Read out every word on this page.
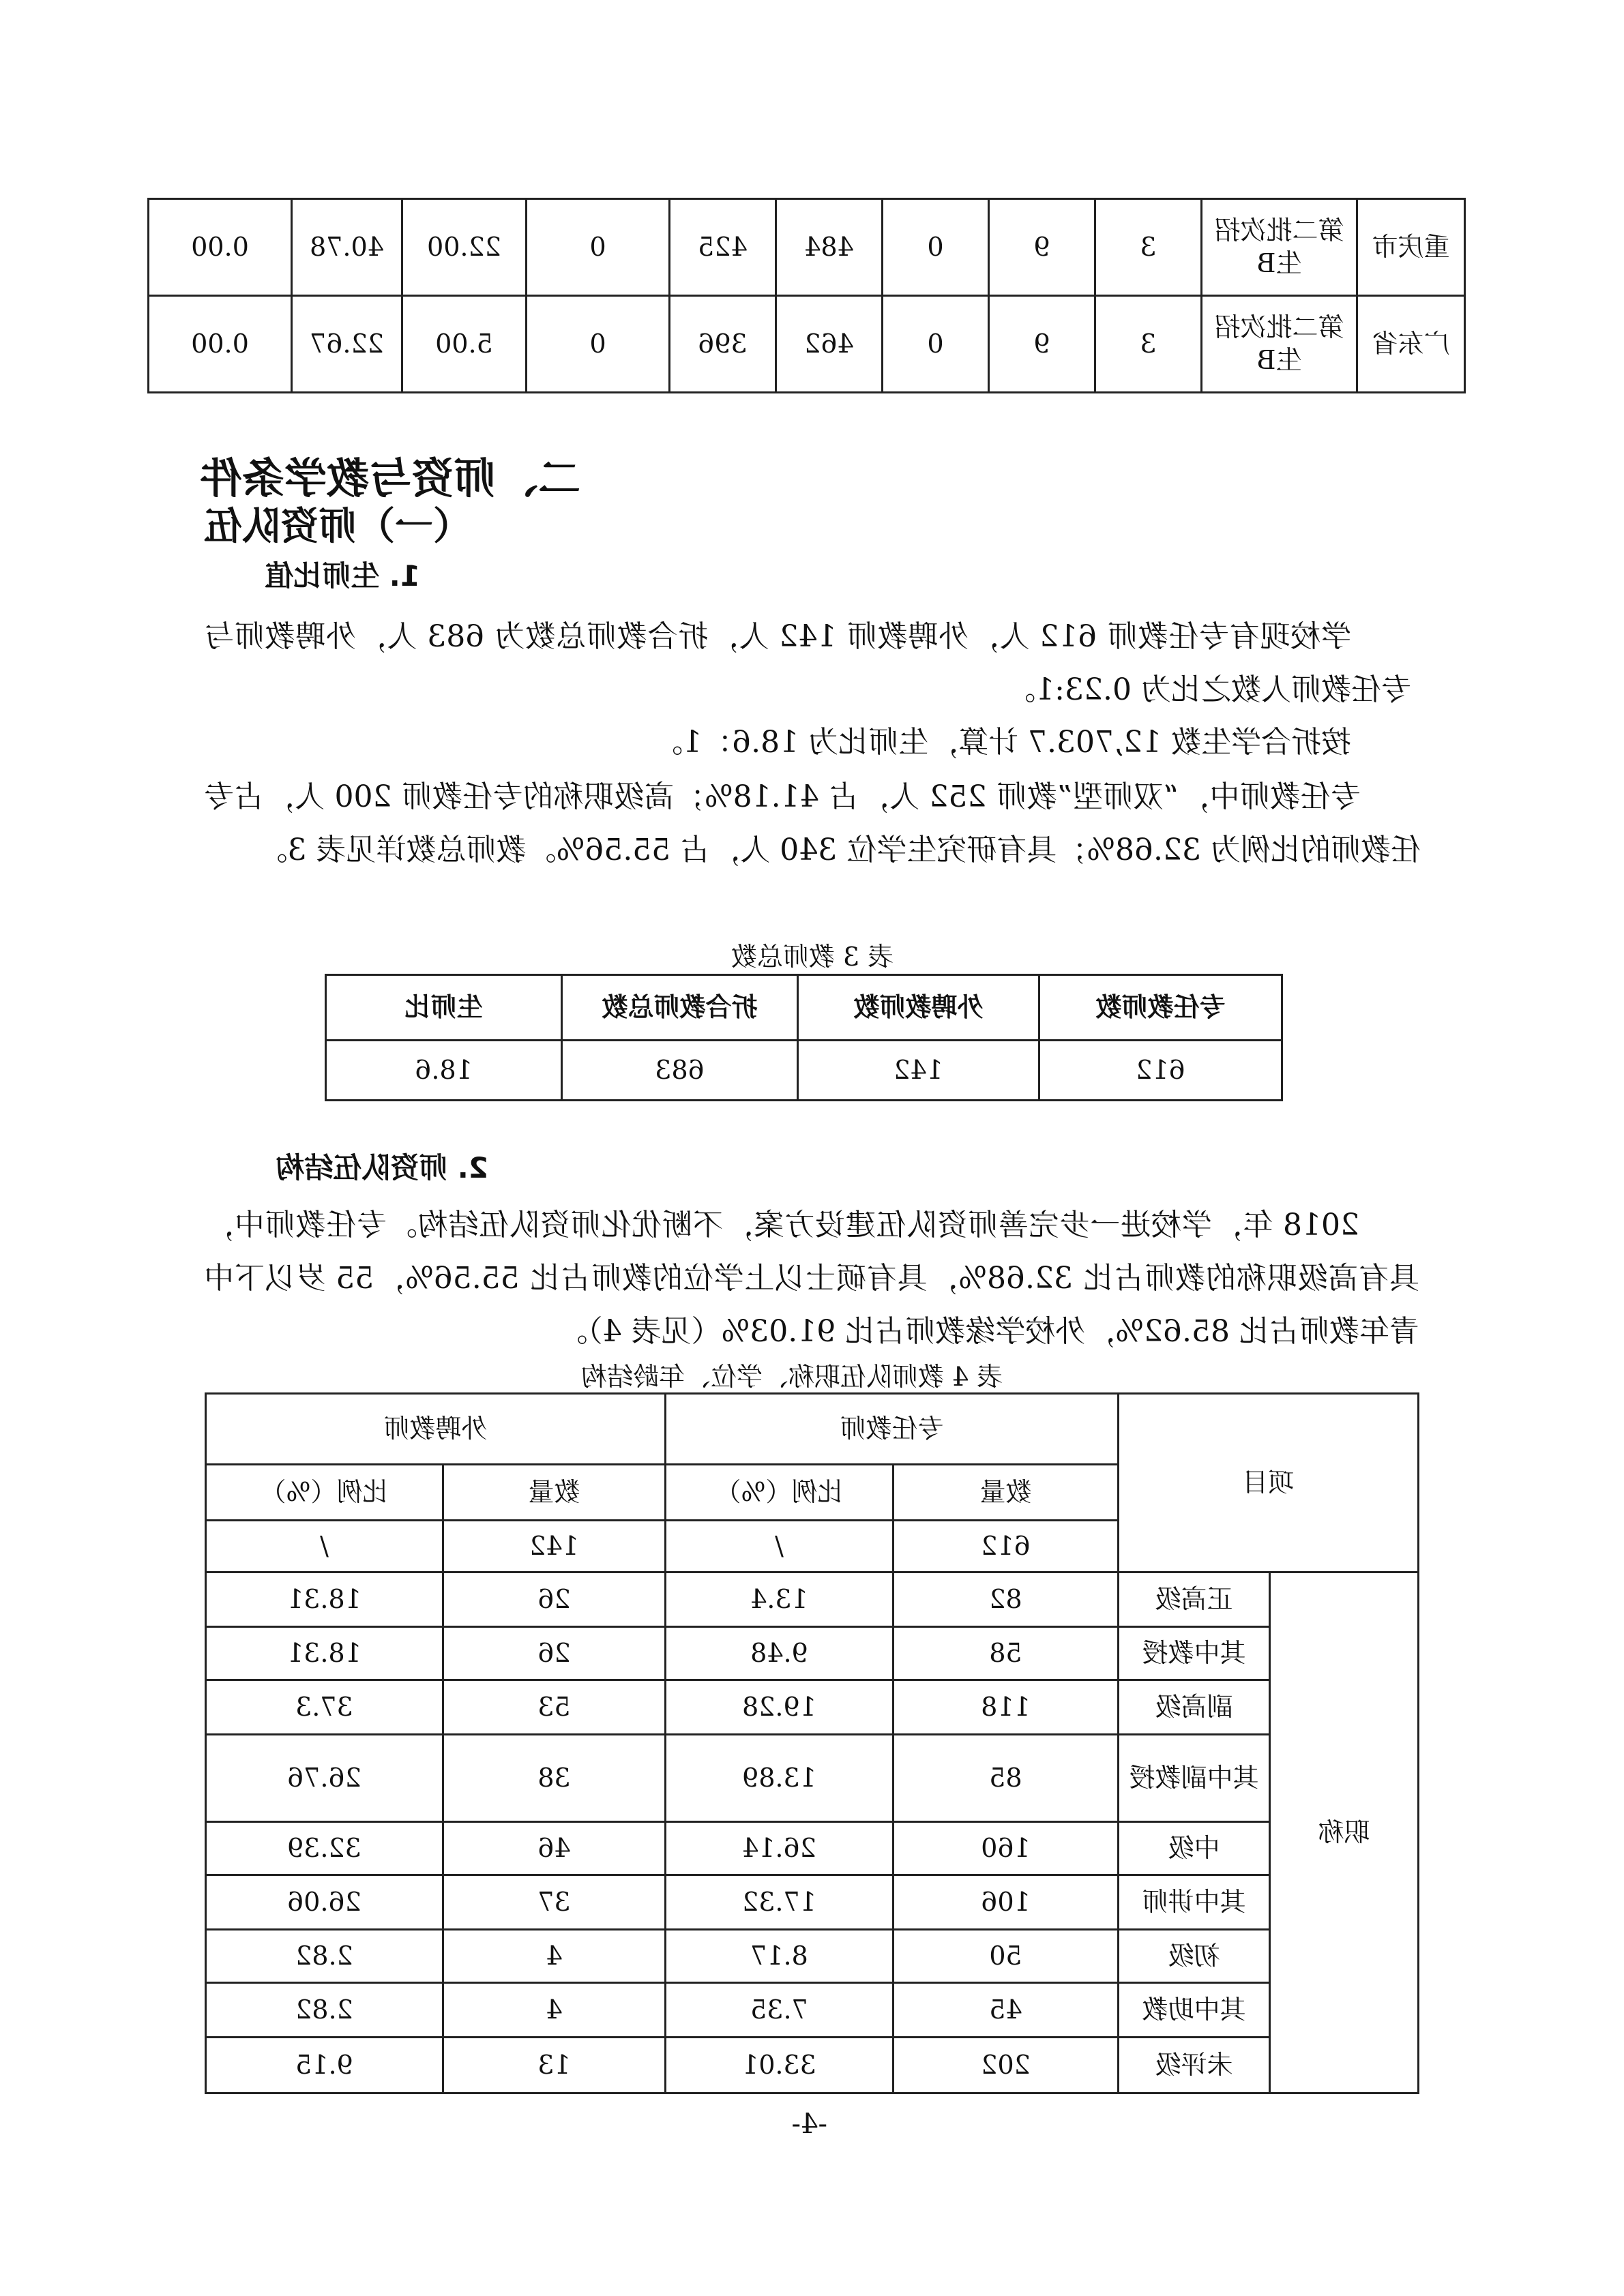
重庆市	第二批次招生B	3	9	0	484	425	0	22.00	40.78	0.00
广东省	第二批次招生B	3	9	0	462	396	0	5.00	22.67	0.00
二、师资与教学条件
（一）师资队伍
1. 生师比值
学校现有专任教师 612 人，外聘教师 142 人，折合教师总数为 683 人，外聘教师与专任教师人数之比为 0.23:1。
按折合学生数 12,703.7 计算，生师比为 18.6：1。
专任教师中，“双师型”教师 252 人，占 41.18%；高级职称的专任教师 200 人，占专任教师的比例为 32.68%；具有研究生学位 340 人，占 55.56%。教师总数详见表 3。
表 3 教师总数
专任教师数	外聘教师数	折合教师总数	生师比
612	142	683	18.6
2. 师资队伍结构
2018 年，学校进一步完善师资队伍建设方案，不断优化师资队伍结构。专任教师中，具有高级职称的教师占比 32.68%，具有硕士以上学位的教师占比 55.56%，55 岁以下中青年教师占比 85.62%，外校学缘教师占比 91.03%（见表 4）。
表 4 教师队伍职称、学位、年龄结构
项目		专任教师		外聘教师	
		数量	比例（%）	数量	比例（%）
		612	/	142	/
职称	正高级	82	13.4	26	18.31
	其中教授	58	9.48	26	18.31
	副高级	118	19.28	53	37.3
	其中副教授	85	13.89	38	26.76
	中级	160	26.14	46	32.39
	其中讲师	106	17.32	37	26.06
	初级	50	8.17	4	2.82
	其中助教	45	7.35	4	2.82
	未评级	202	33.01	13	9.15
-4-
